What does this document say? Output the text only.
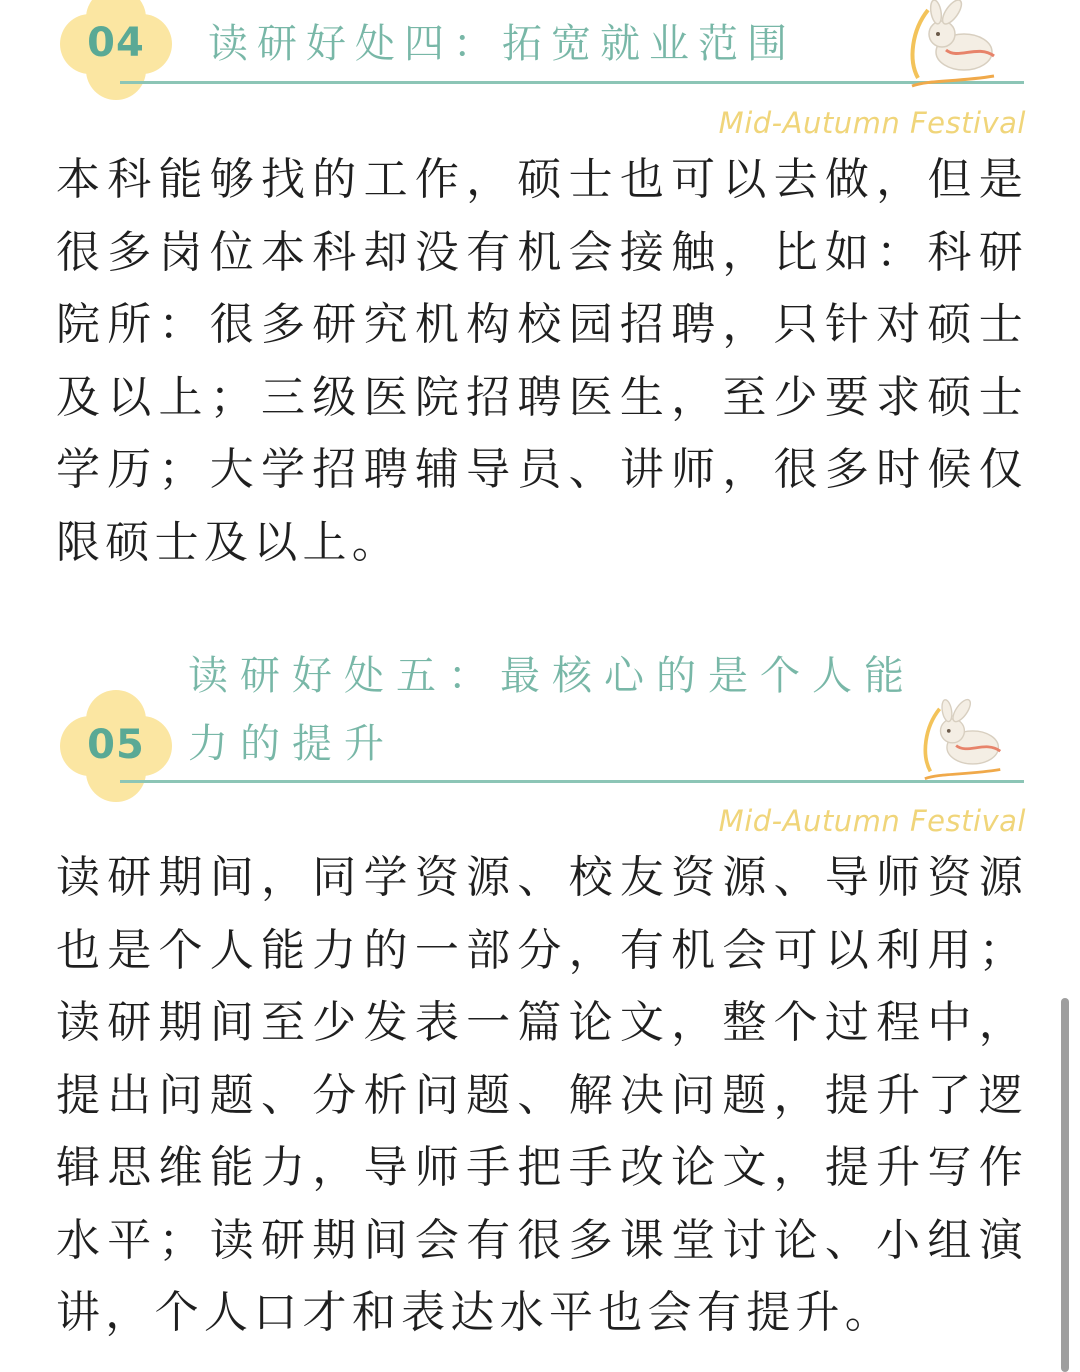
04	读研好处四：拓宽就业范围
Mid-Autumn Festival

本科能够找的工作，硕士也可以去做，但是很多岗位本科却没有机会接触，比如：科研院所：很多研究机构校园招聘，只针对硕士及以上；三级医院招聘医生，至少要求硕士学历；大学招聘辅导员、讲师，很多时候仅限硕士及以上。

05
读研好处五：最核心的是个人能
力的提升
Mid-Autumn Festival

读研期间，同学资源、校友资源、导师资源也是个人能力的一部分，有机会可以利用；读研期间至少发表一篇论文，整个过程中，提出问题、分析问题、解决问题，提升了逻辑思维能力，导师手把手改论文，提升写作水平；读研期间会有很多课堂讨论、小组演讲，个人口才和表达水平也会有提升。
